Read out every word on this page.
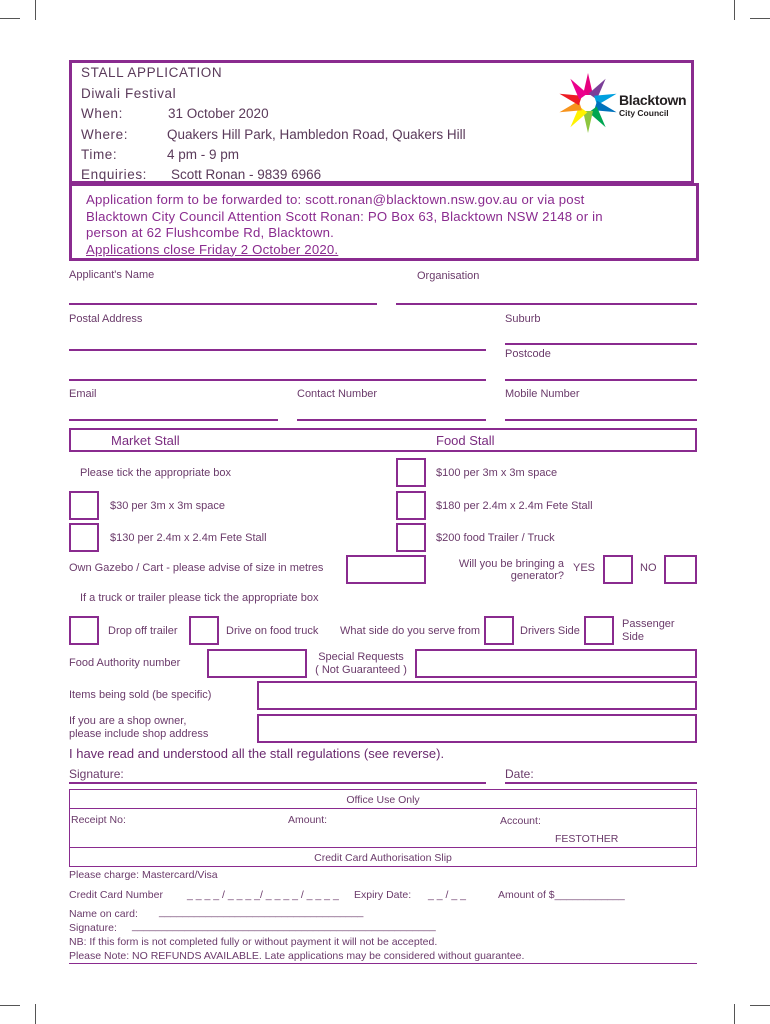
STALL APPLICATION
Diwali Festival
When:	31 October 2020
Where:	Quakers Hill Park, Hambledon Road, Quakers Hill
Time:	4 pm - 9 pm
Enquiries: Scott Ronan - 9839 6966
Blacktown
City Council
Application form to be forwarded to: scott.ronan@blacktown.nsw.gov.au or via post
Blacktown City Council Attention Scott Ronan: PO Box 63, Blacktown NSW 2148 or in
person at 62 Flushcombe Rd, Blacktown.
Applications close Friday 2 October 2020.
Applicant's Name	Organisation
Postal Address	Suburb
Postcode
Email	Contact Number	Mobile Number
Market Stall	Food Stall
Please tick the appropriate box	$100 per 3m x 3m space
$30 per 3m x 3m space	$180 per 2.4m x 2.4m Fete Stall
$130 per 2.4m x 2.4m Fete Stall	$200 food Trailer / Truck
Own Gazebo / Cart - please advise of size in metres	Will you be bringing a
generator?
YES	NO
If a truck or trailer please tick the appropriate box
Drop off trailer	Drive on food truck What side do you serve from	Drivers Side
Passenger
Side
Food Authority number	Special Requests
( Not Guaranteed )
Items being sold (be specific)
If you are a shop owner,
please include shop address
I have read and understood all the stall regulations (see reverse).
Signature:	Date:
Office Use Only
Receipt No:	Amount:	Account:
FESTOTHER
Credit Card Authorisation Slip
Please charge: Mastercard/Visa
Credit Card Number _ _ _ _ / _ _ _ _/ _ _ _ _ / _ _ _ _ Expiry Date: _ _ / _ _	Amount of $____________
Name on card: ___________________________________
Signature: ____________________________________________________
NB: If this form is not completed fully or without payment it will not be accepted.
Please Note: NO REFUNDS AVAILABLE. Late applications may be considered without guarantee.
